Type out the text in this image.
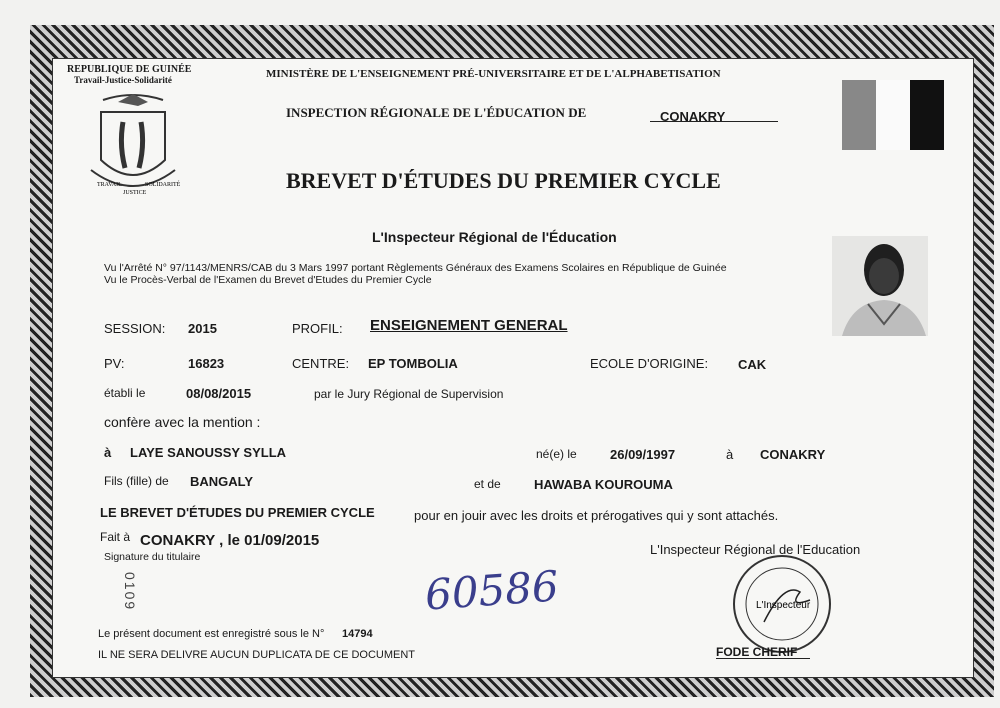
TRAVAIL
JUSTICE
SOLIDARITÉ
REPUBLIQUE DE GUINÉE
Travail-Justice-Solidarité	MINISTÈRE DE L'ENSEIGNEMENT PRÉ-UNIVERSITAIRE ET DE L'ALPHABETISATION
INSPECTION RÉGIONALE DE L'ÉDUCATION DE	CONAKRY
BREVET D'ÉTUDES DU PREMIER CYCLE
L'Inspecteur Régional de l'Éducation
Vu l'Arrêté N° 97/1143/MENRS/CAB du 3 Mars 1997 portant Règlements Généraux des Examens Scolaires en République de Guinée
Vu le Procès-Verbal de l'Examen du Brevet d'Etudes du Premier Cycle
SESSION: 2015	PROFIL: ENSEIGNEMENT GENERAL
PV:	16823	CENTRE: EP TOMBOLIA	ECOLE D'ORIGINE: CAK
établi le	08/08/2015	par le Jury Régional de Supervision
confère avec la mention :
à LAYE SANOUSSY SYLLA	né(e) le	26/09/1997	à CONAKRY
Fils (fille) de BANGALY	et de	HAWABA KOUROUMA
LE BREVET D'ÉTUDES DU PREMIER CYCLE	pour en jouir avec les droits et prérogatives qui y sont attachés.
Fait à CONAKRY , le 01/09/2015
Signature du titulaire	L'Inspecteur Régional de l'Education
0109	60586	L'Inspecteur
Le présent document est enregistré sous le N° 14794
IL NE SERA DELIVRE AUCUN DUPLICATA DE CE DOCUMENT	FODE CHERIF
